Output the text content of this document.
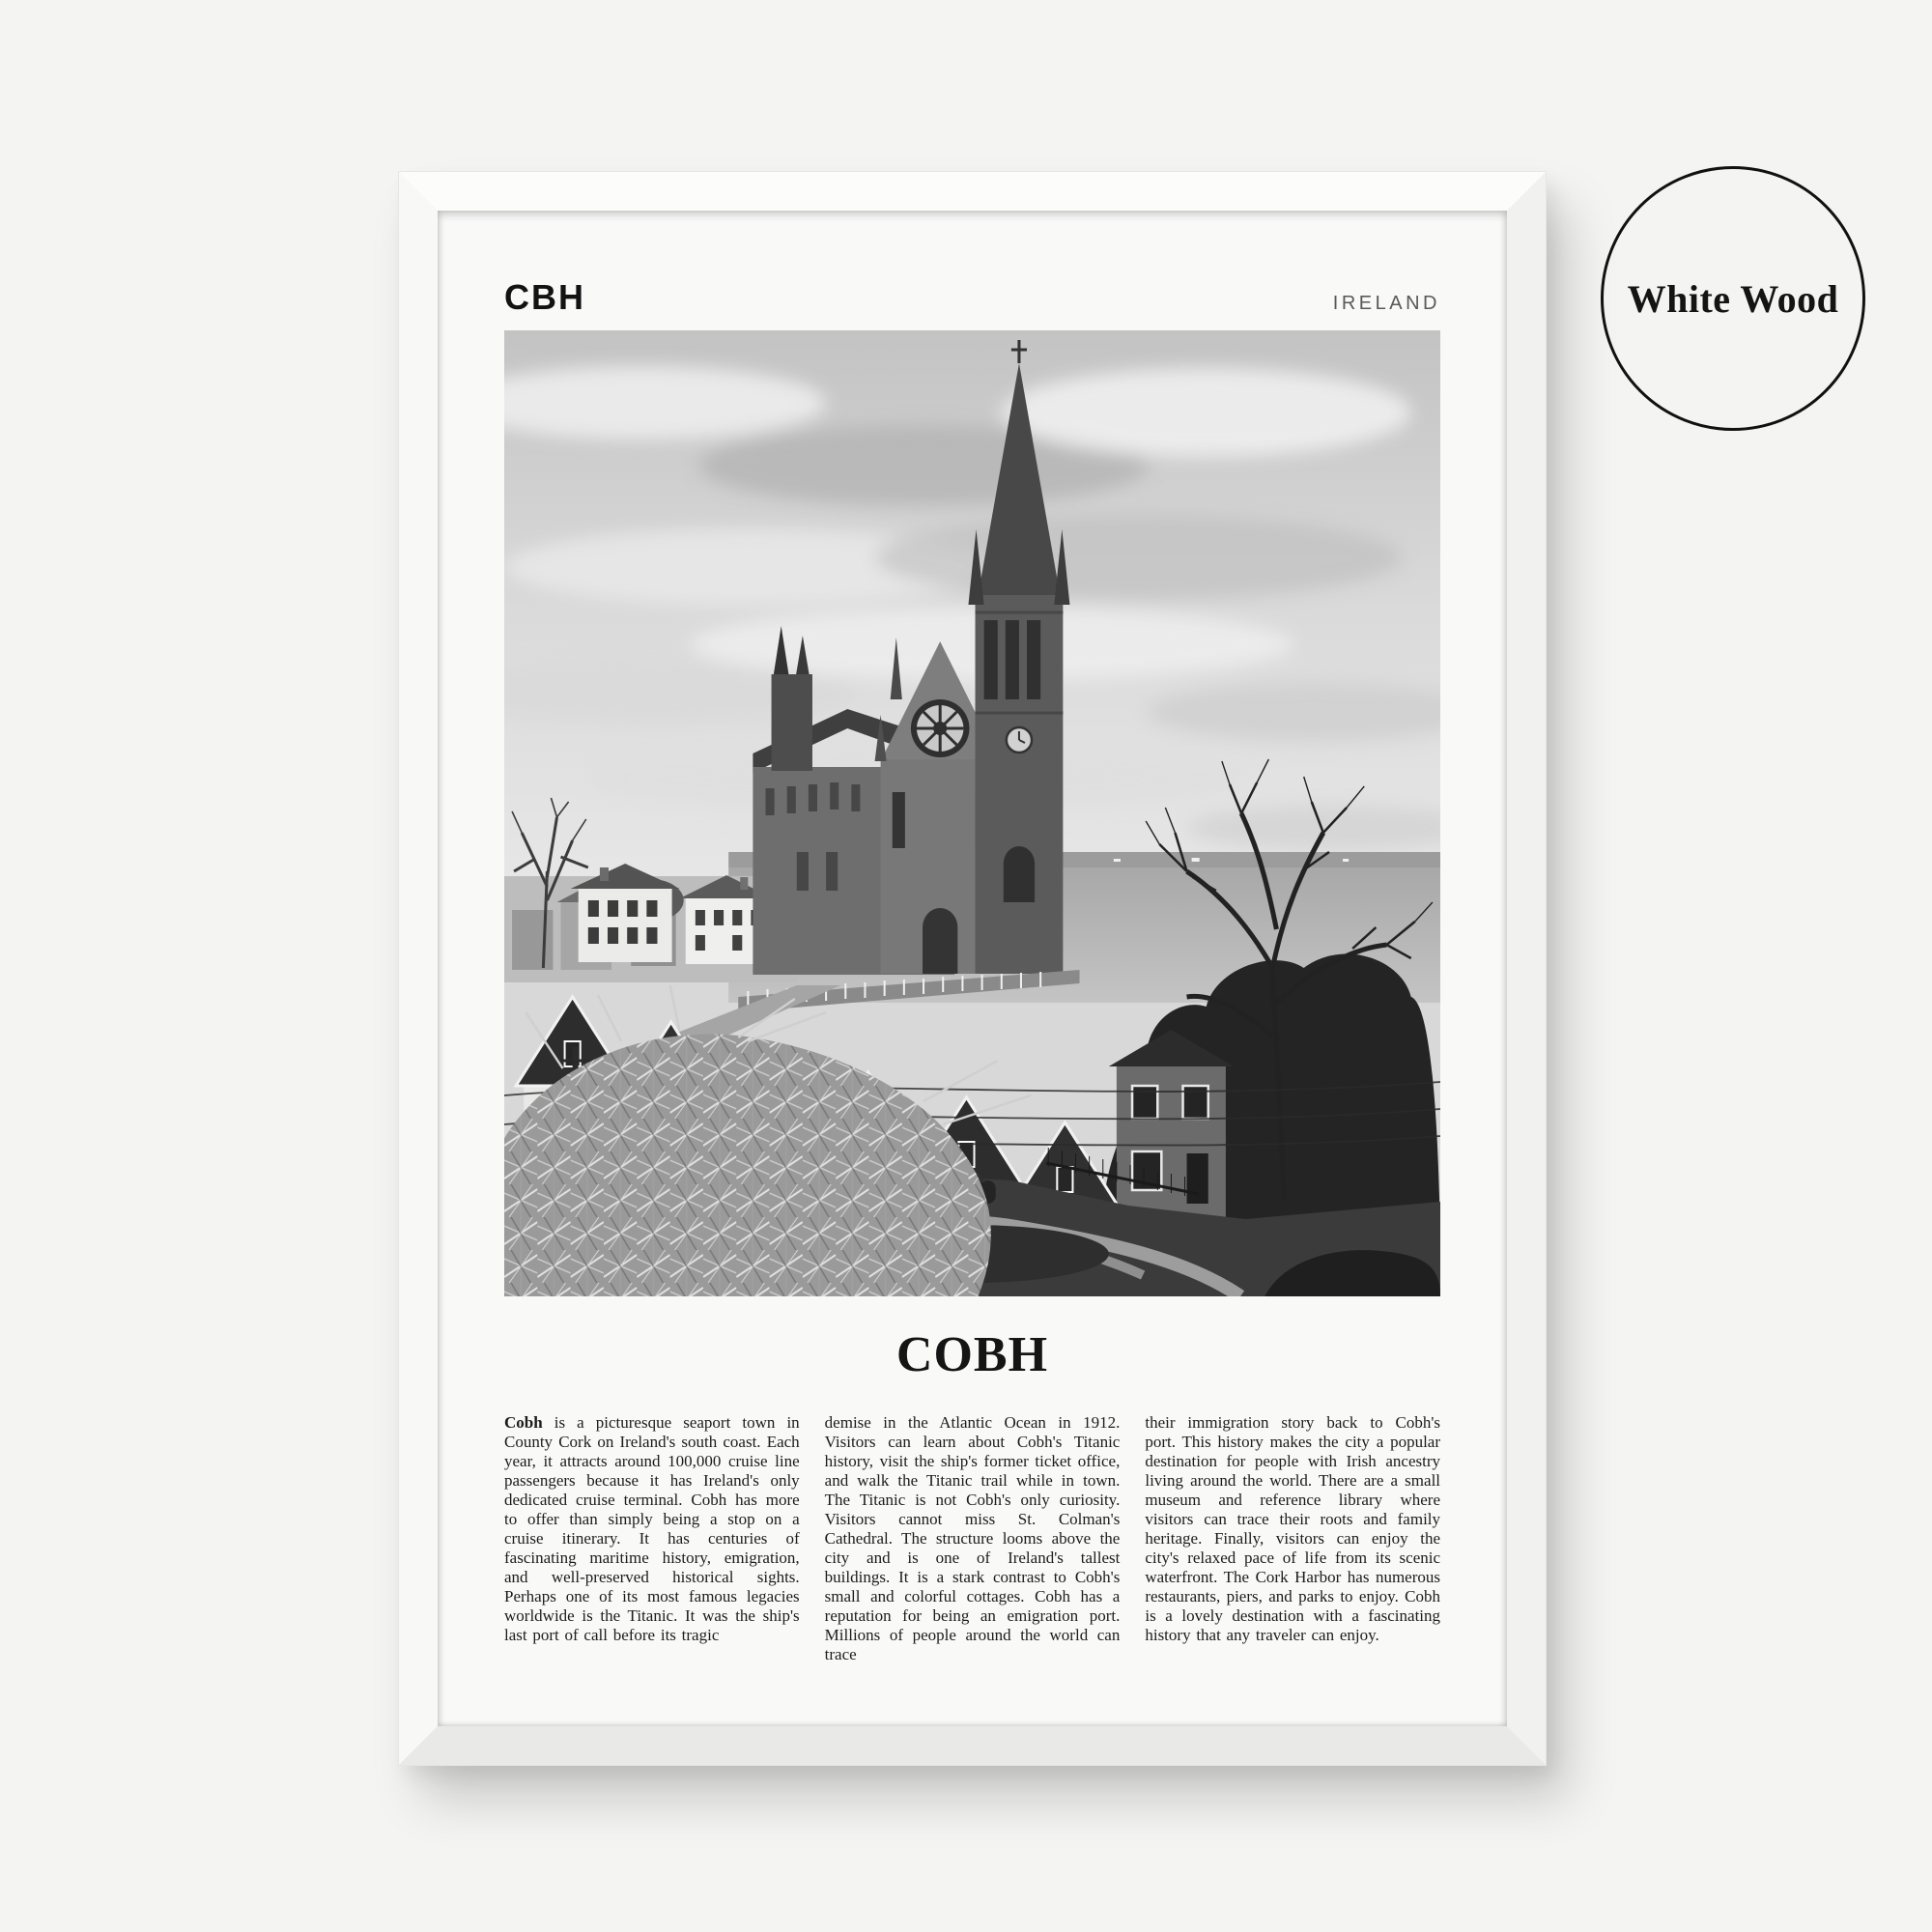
CBH	IRELAND
COBH
Cobh is a picturesque seaport town in County Cork on Ireland's south coast. Each year, it attracts around 100,000 cruise line passengers because it has Ireland's only dedicated cruise terminal. Cobh has more to offer than simply being a stop on a cruise itinerary. It has centuries of fascinating maritime history, emigration, and well-preserved historical sights. Perhaps one of its most famous legacies worldwide is the Titanic. It was the ship's last port of call before its tragic
demise in the Atlantic Ocean in 1912. Visitors can learn about Cobh's Titanic history, visit the ship's former ticket office, and walk the Titanic trail while in town. The Titanic is not Cobh's only curiosity. Visitors cannot miss St. Colman's Cathedral. The structure looms above the city and is one of Ireland's tallest buildings. It is a stark contrast to Cobh's small and colorful cottages. Cobh has a reputation for being an emigration port. Millions of people around the world can trace
their immigration story back to Cobh's port. This history makes the city a popular destination for people with Irish ancestry living around the world. There are a small museum and reference library where visitors can trace their roots and family heritage. Finally, visitors can enjoy the city's relaxed pace of life from its scenic waterfront. The Cork Harbor has numerous restaurants, piers, and parks to enjoy. Cobh is a lovely destination with a fascinating history that any traveler can enjoy.
White Wood
